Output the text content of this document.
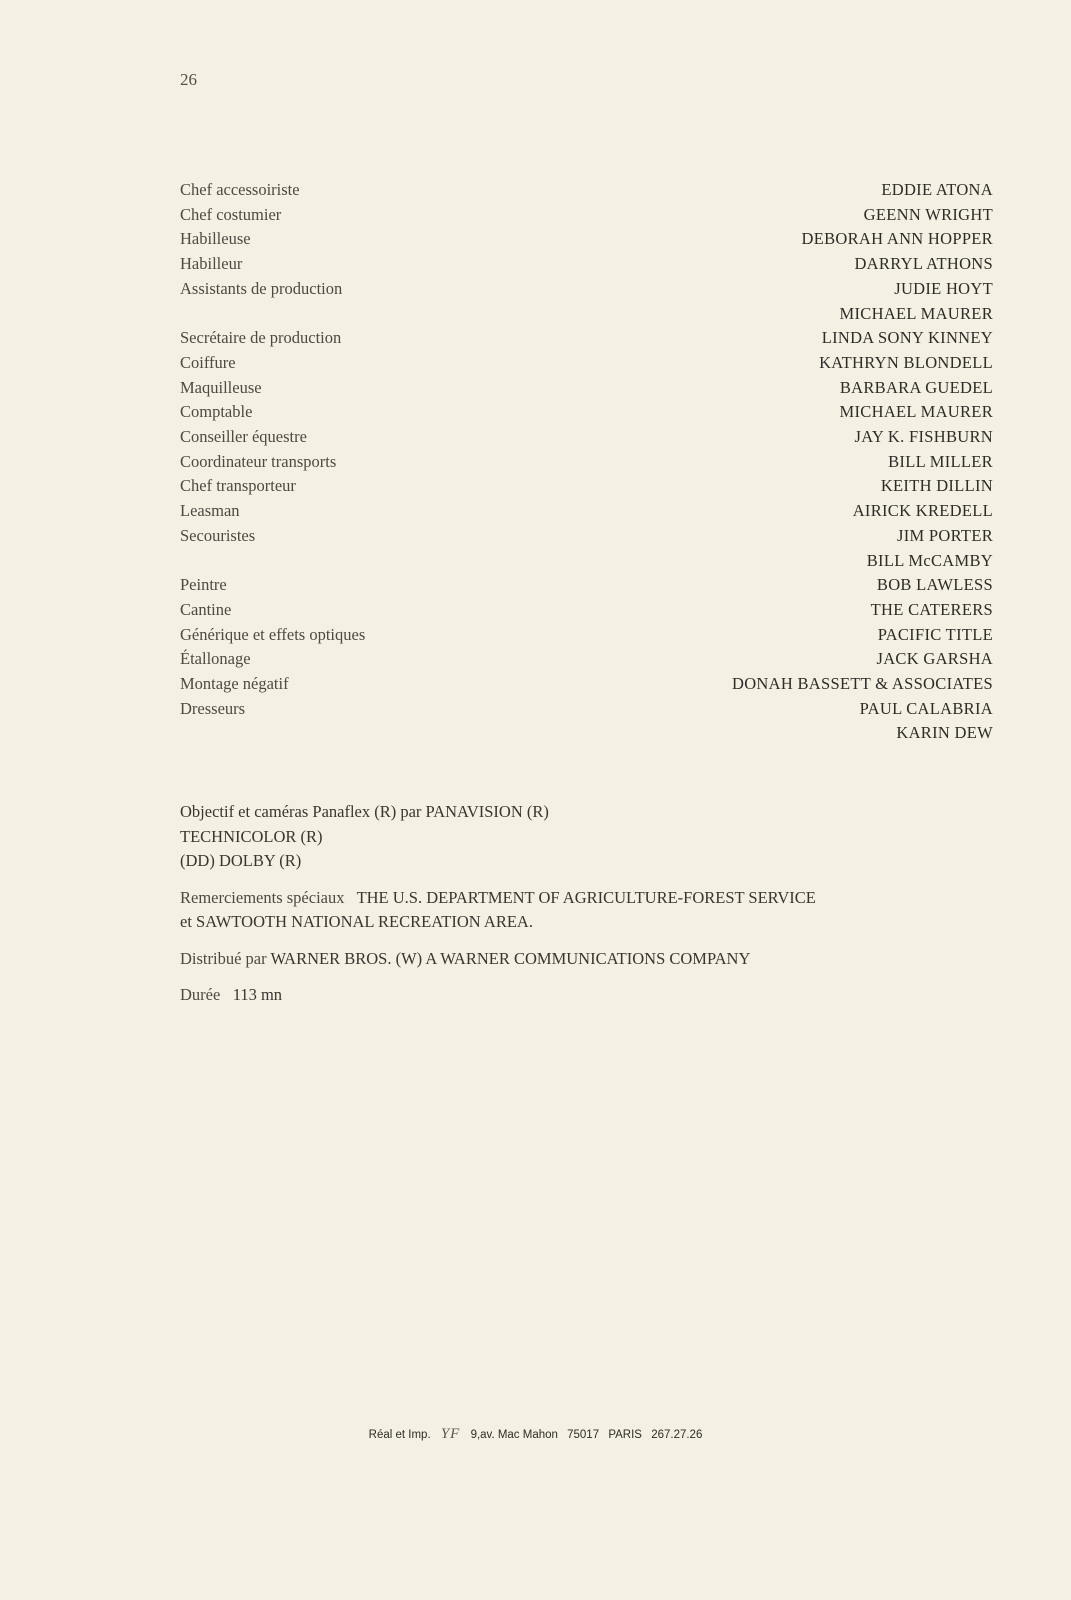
26
Chef accessoiriste
Chef costumier
Habilleuse
Habilleur
Assistants de production
Secrétaire de production
Coiffure
Maquilleuse
Comptable
Conseiller équestre
Coordinateur transports
Chef transporteur
Leasman
Secouristes
Peintre
Cantine
Générique et effets optiques
Étallonage
Montage négatif
Dresseurs
EDDIE ATONA
GEENN WRIGHT
DEBORAH ANN HOPPER
DARRYL ATHONS
JUDIE HOYT
MICHAEL MAURER
LINDA SONY KINNEY
KATHRYN BLONDELL
BARBARA GUEDEL
MICHAEL MAURER
JAY K. FISHBURN
BILL MILLER
KEITH DILLIN
AIRICK KREDELL
JIM PORTER
BILL McCAMBY
BOB LAWLESS
THE CATERERS
PACIFIC TITLE
JACK GARSHA
DONAH BASSETT & ASSOCIATES
PAUL CALABRIA
KARIN DEW
Objectif et caméras Panaflex (R) par PANAVISION (R)
TECHNICOLOR (R)
(DD) DOLBY (R)
Remerciements spéciaux THE U.S. DEPARTMENT OF AGRICULTURE-FOREST SERVICE
et SAWTOOTH NATIONAL RECREATION AREA.
Distribué par WARNER BROS. (W) A WARNER COMMUNICATIONS COMPANY
Durée 113 mn
Réal et Imp. YF 9,av. Mac Mahon 75017 PARIS 267.27.26
